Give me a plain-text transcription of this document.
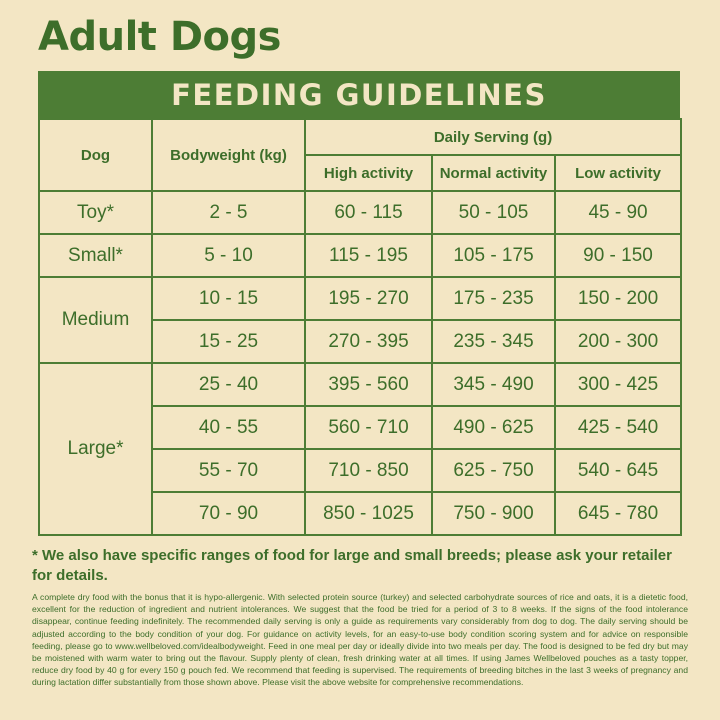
Adult Dogs
FEEDING GUIDELINES
Dog	Bodyweight (kg)	Daily Serving (g)		
		High activity	Normal activity	Low activity
Toy*	2 - 5	60 - 115	50 - 105	45 - 90
Small*	5 - 10	115 - 195	105 - 175	90 - 150
Medium	10 - 15	195 - 270	175 - 235	150 - 200
	15 - 25	270 - 395	235 - 345	200 - 300
Large*	25 - 40	395 - 560	345 - 490	300 - 425
	40 - 55	560 - 710	490 - 625	425 - 540
	55 - 70	710 - 850	625 - 750	540 - 645
	70 - 90	850 - 1025	750 - 900	645 - 780
* We also have specific ranges of food for large and small breeds; please ask your retailer for details.
A complete dry food with the bonus that it is hypo-allergenic. With selected protein source (turkey) and selected carbohydrate sources of rice and oats, it is a dietetic food, excellent for the reduction of ingredient and nutrient intolerances. We suggest that the food be tried for a period of 3 to 8 weeks. If the signs of the food intolerance disappear, continue feeding indefinitely. The recommended daily serving is only a guide as requirements vary considerably from dog to dog. The daily serving should be adjusted according to the body condition of your dog. For guidance on activity levels, for an easy-to-use body condition scoring system and for advice on responsible feeding, please go to www.wellbeloved.com/idealbodyweight. Feed in one meal per day or ideally divide into two meals per day. The food is designed to be fed dry but may be moistened with warm water to bring out the flavour. Supply plenty of clean, fresh drinking water at all times. If using James Wellbeloved pouches as a tasty topper, reduce dry food by 40 g for every 150 g pouch fed. We recommend that feeding is supervised. The requirements of breeding bitches in the last 3 weeks of pregnancy and during lactation differ substantially from those shown above. Please visit the above website for comprehensive recommendations.
